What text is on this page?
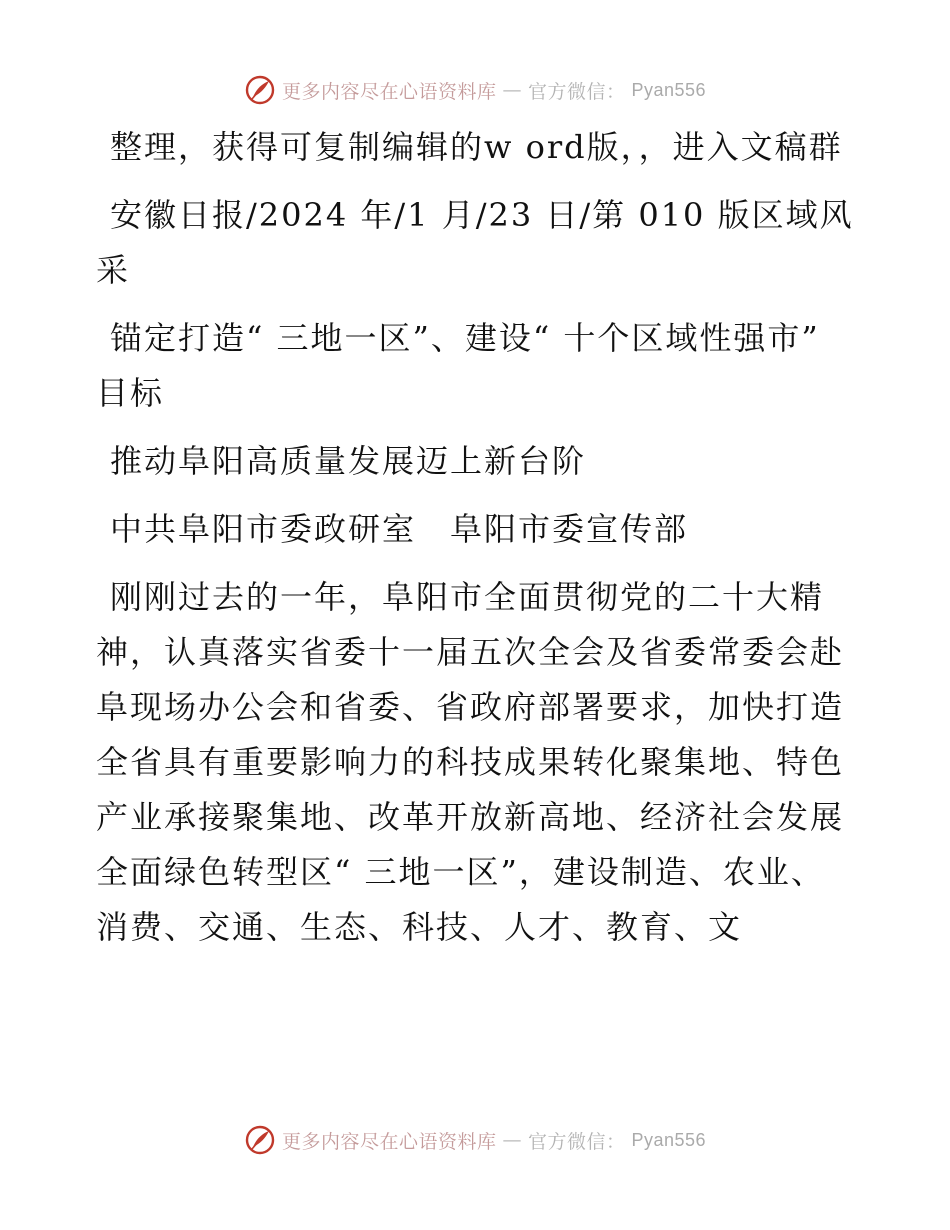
更多内容尽在心语资料库 — 官方微信： Pyan556

整理，获得可复制编辑的w ord版，，进入文稿群

安徽日报/2024 年/1 月/23 日/第 010 版区域风采

锚定打造“ 三地一区”、建设“ 十个区域性强市” 目标

推动阜阳高质量发展迈上新台阶

中共阜阳市委政研室　阜阳市委宣传部

刚刚过去的一年，阜阳市全面贯彻党的二十大精神，认真落实省委十一届五次全会及省委常委会赴阜现场办公会和省委、省政府部署要求，加快打造全省具有重要影响力的科技成果转化聚集地、特色产业承接聚集地、改革开放新高地、经济社会发展全面绿色转型区“ 三地一区”，建设制造、农业、消费、交通、生态、科技、人才、教育、文

更多内容尽在心语资料库 — 官方微信： Pyan556
